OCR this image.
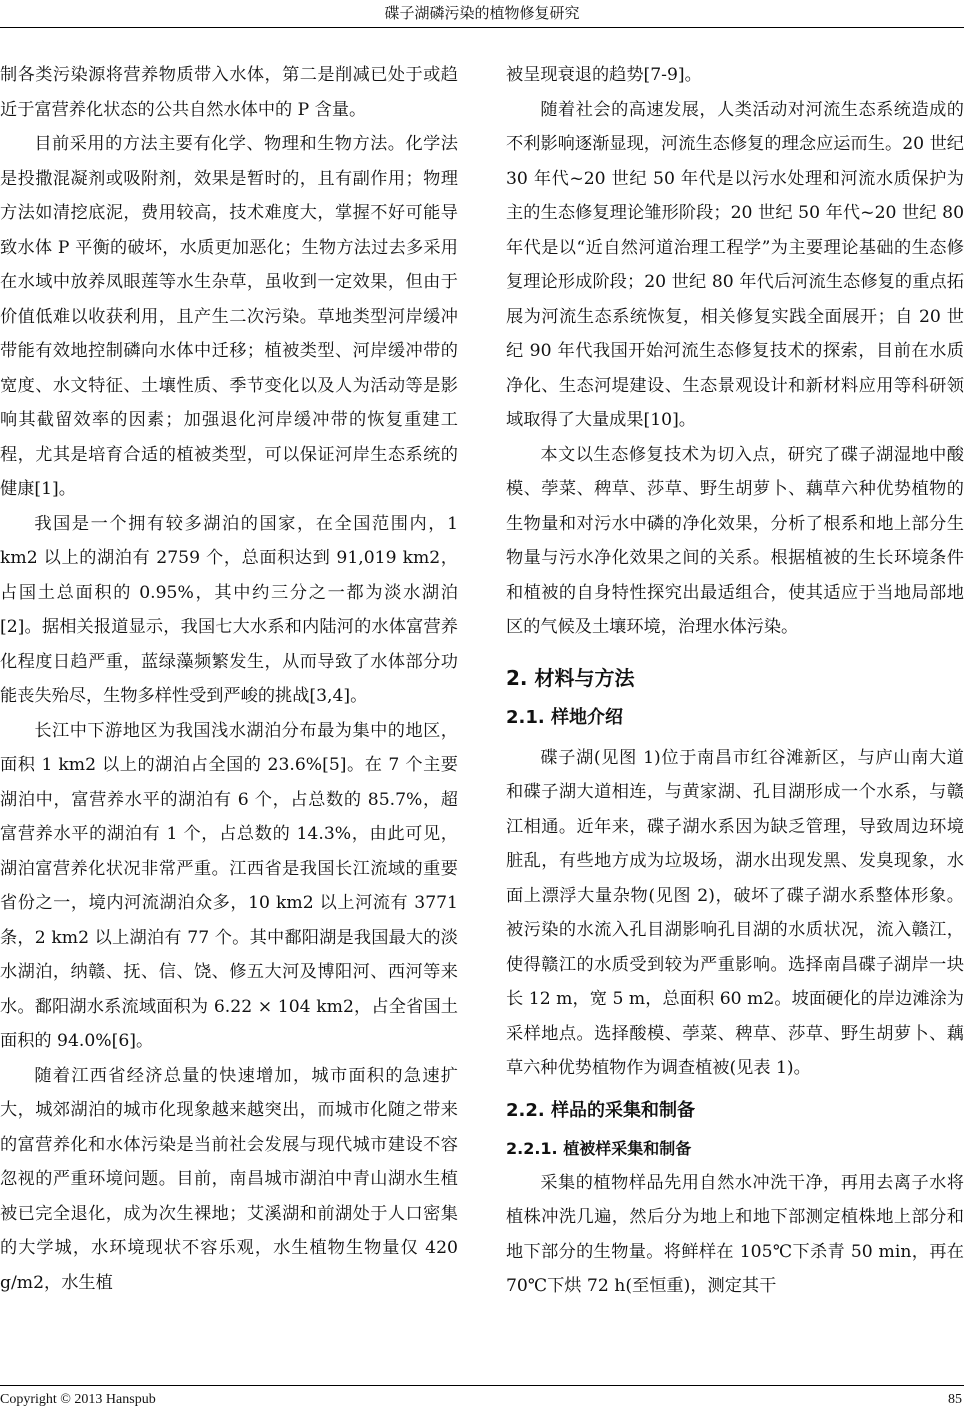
碟子湖磷污染的植物修复研究

制各类污染源将营养物质带入水体，第二是削减已处于或趋近于富营养化状态的公共自然水体中的 P 含量。

目前采用的方法主要有化学、物理和生物方法。化学法是投撒混凝剂或吸附剂，效果是暂时的，且有副作用；物理方法如清挖底泥，费用较高，技术难度大，掌握不好可能导致水体 P 平衡的破坏，水质更加恶化；生物方法过去多采用在水域中放养凤眼莲等水生杂草，虽收到一定效果，但由于价值低难以收获利用，且产生二次污染。草地类型河岸缓冲带能有效地控制磷向水体中迁移；植被类型、河岸缓冲带的宽度、水文特征、土壤性质、季节变化以及人为活动等是影响其截留效率的因素；加强退化河岸缓冲带的恢复重建工程，尤其是培育合适的植被类型，可以保证河岸生态系统的健康[1]。

我国是一个拥有较多湖泊的国家，在全国范围内，1 km2 以上的湖泊有 2759 个，总面积达到 91,019 km2，占国土总面积的 0.95%，其中约三分之一都为淡水湖泊[2]。据相关报道显示，我国七大水系和内陆河的水体富营养化程度日趋严重，蓝绿藻频繁发生，从而导致了水体部分功能丧失殆尽，生物多样性受到严峻的挑战[3,4]。

长江中下游地区为我国浅水湖泊分布最为集中的地区，面积 1 km2 以上的湖泊占全国的 23.6%[5]。在 7 个主要湖泊中，富营养水平的湖泊有 6 个，占总数的 85.7%，超富营养水平的湖泊有 1 个，占总数的 14.3%，由此可见，湖泊富营养化状况非常严重。江西省是我国长江流域的重要省份之一，境内河流湖泊众多，10 km2 以上河流有 3771 条，2 km2 以上湖泊有 77 个。其中鄱阳湖是我国最大的淡水湖泊，纳赣、抚、信、饶、修五大河及博阳河、西河等来水。鄱阳湖水系流域面积为 6.22 × 104 km2，占全省国土面积的 94.0%[6]。

随着江西省经济总量的快速增加，城市面积的急速扩大，城郊湖泊的城市化现象越来越突出，而城市化随之带来的富营养化和水体污染是当前社会发展与现代城市建设不容忽视的严重环境问题。目前，南昌城市湖泊中青山湖水生植被已完全退化，成为次生裸地；艾溪湖和前湖处于人口密集的大学城，水环境现状不容乐观，水生植物生物量仅 420 g/m2，水生植

被呈现衰退的趋势[7-9]。

随着社会的高速发展，人类活动对河流生态系统造成的不利影响逐渐显现，河流生态修复的理念应运而生。20 世纪 30 年代~20 世纪 50 年代是以污水处理和河流水质保护为主的生态修复理论雏形阶段；20 世纪 50 年代~20 世纪 80 年代是以“近自然河道治理工程学”为主要理论基础的生态修复理论形成阶段；20 世纪 80 年代后河流生态修复的重点拓展为河流生态系统恢复，相关修复实践全面展开；自 20 世纪 90 年代我国开始河流生态修复技术的探索，目前在水质净化、生态河堤建设、生态景观设计和新材料应用等科研领域取得了大量成果[10]。

本文以生态修复技术为切入点，研究了碟子湖湿地中酸模、荸菜、稗草、莎草、野生胡萝卜、藕草六种优势植物的生物量和对污水中磷的净化效果，分析了根系和地上部分生物量与污水净化效果之间的关系。根据植被的生长环境条件和植被的自身特性探究出最适组合，使其适应于当地局部地区的气候及土壤环境，治理水体污染。

2. 材料与方法
2.1. 样地介绍

碟子湖(见图 1)位于南昌市红谷滩新区，与庐山南大道和碟子湖大道相连，与黄家湖、孔目湖形成一个水系，与赣江相通。近年来，碟子湖水系因为缺乏管理，导致周边环境脏乱，有些地方成为垃圾场，湖水出现发黑、发臭现象，水面上漂浮大量杂物(见图 2)，破坏了碟子湖水系整体形象。被污染的水流入孔目湖影响孔目湖的水质状况，流入赣江，使得赣江的水质受到较为严重影响。选择南昌碟子湖岸一块长 12 m，宽 5 m，总面积 60 m2。坡面硬化的岸边滩涂为采样地点。选择酸模、荸菜、稗草、莎草、野生胡萝卜、藕草六种优势植物作为调查植被(见表 1)。

2.2. 样品的采集和制备
2.2.1. 植被样采集和制备

采集的植物样品先用自然水冲洗干净，再用去离子水将植株冲洗几遍，然后分为地上和地下部测定植株地上部分和地下部分的生物量。将鲜样在 105℃下杀青 50 min，再在 70℃下烘 72 h(至恒重)，测定其干

Copyright © 2013 Hanspub	85
